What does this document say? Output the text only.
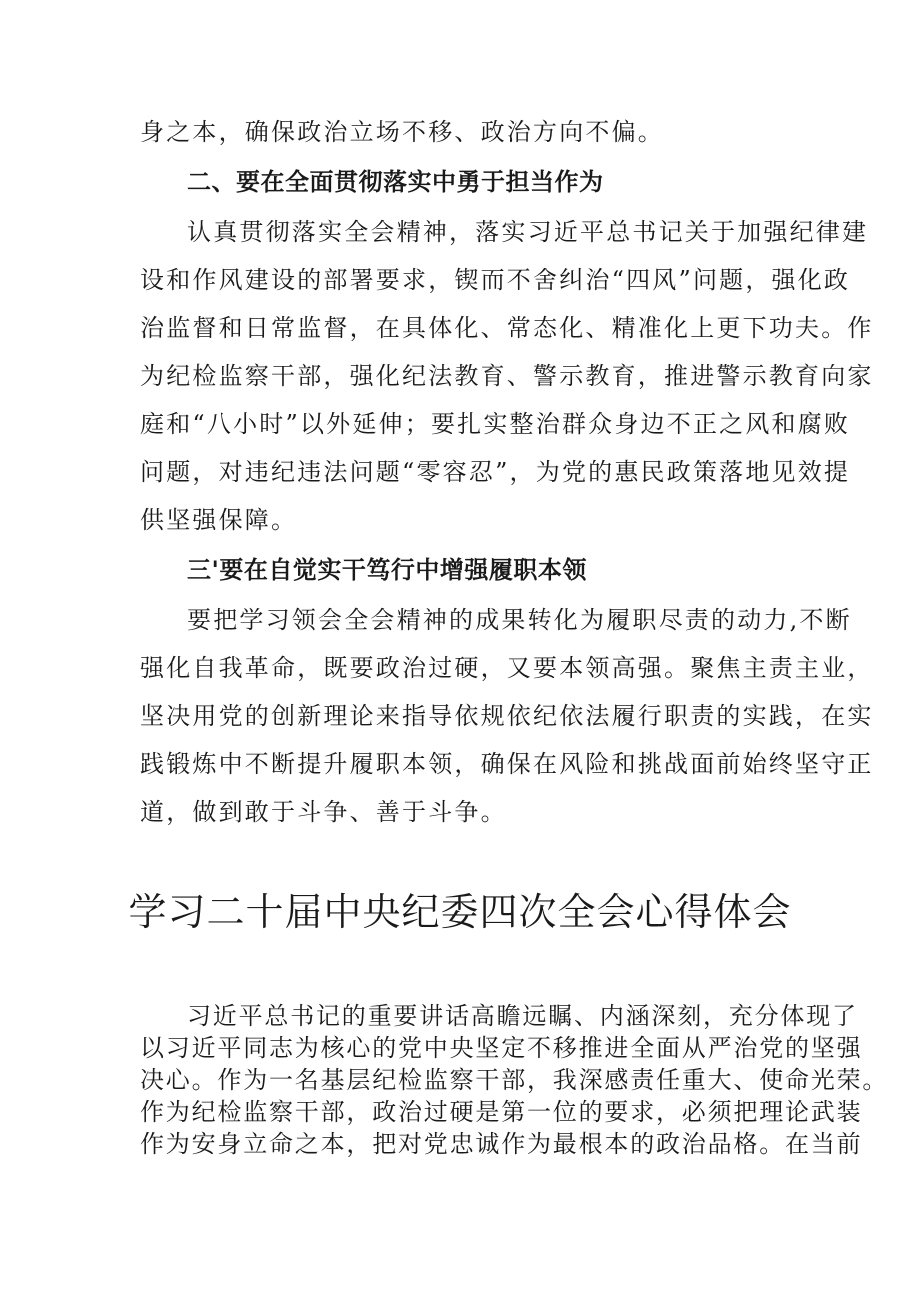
身之本，确保政治立场不移、政治方向不偏。
二、要在全面贯彻落实中勇于担当作为
认真贯彻落实全会精神，落实习近平总书记关于加强纪律建
设和作风建设的部署要求，锲而不舍纠治“四风”问题，强化政
治监督和日常监督，在具体化、常态化、精准化上更下功夫。作
为纪检监察干部，强化纪法教育、警示教育，推进警示教育向家
庭和“八小时”以外延伸；要扎实整治群众身边不正之风和腐败
问题，对违纪违法问题“零容忍”，为党的惠民政策落地见效提
供坚强保障。
三'要在自觉实干笃行中增强履职本领
要把学习领会全会精神的成果转化为履职尽责的动力,不断
强化自我革命，既要政治过硬，又要本领高强。聚焦主责主业，
坚决用党的创新理论来指导依规依纪依法履行职责的实践，在实
践锻炼中不断提升履职本领，确保在风险和挑战面前始终坚守正
道，做到敢于斗争、善于斗争。
学习二十届中央纪委四次全会心得体会
习近平总书记的重要讲话高瞻远瞩、内涵深刻，充分体现了
以习近平同志为核心的党中央坚定不移推进全面从严治党的坚强
决心。作为一名基层纪检监察干部，我深感责任重大、使命光荣。
作为纪检监察干部，政治过硬是第一位的要求，必须把理论武装
作为安身立命之本，把对党忠诚作为最根本的政治品格。在当前
